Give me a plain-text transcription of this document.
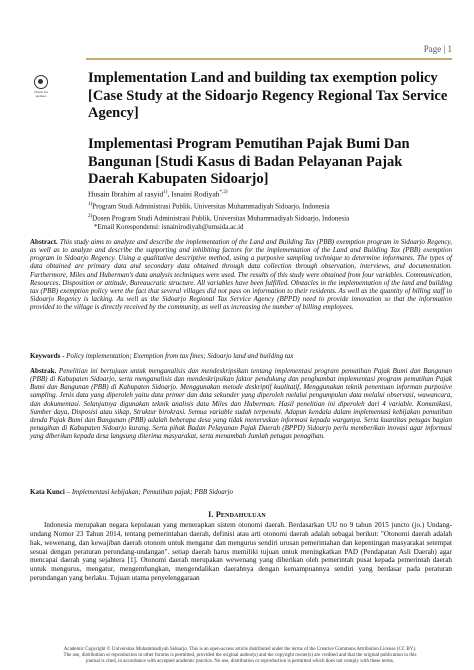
Page | 1
Check for updates
Implementation Land and building tax exemption policy [Case Study at the Sidoarjo Regency Regional Tax Service Agency]
Implementasi Program Pemutihan Pajak Bumi Dan Bangunan [Studi Kasus di Badan Pelayanan Pajak Daerah Kabupaten Sidoarjo]
Husain Ibrahim al rasyid$^{1)}$, Isnaini Rodiyah$^{*,2)}$
$^{1)}$Program Studi Administrasi Publik, Universitas Muhammadiyah Sidoarjo, Indonesia
$^{2)}$Dosen Program Studi Administrasi Publik, Universitas Muhammadiyah Sidoarjo, Indonesia
*Email Korespondensi: isnainirodiyah@umsida.ac.id
Abstract. This study aims to analyze and describe the implementation of the Land and Building Tax (PBB) exemption program in Sidoarjo Regency, as well as to analyze and describe the supporting and inhibiting factors for the implementation of the Land and Building Tax (PBB) exemption program in Sidoarjo Regency. Using a qualitative descriptive method, using a purposive sampling technique to determine informants. The types of data obtained are primary data and secondary data obtained through data collection through observation, interviews, and documentation. Furthermore, Miles and Huberman's data analysis techniques were used. The results of this study were obtained from four variables. Communication, Resources, Disposition or attitude, Bureaucratic structure. All variables have been fulfilled. Obstacles in the implementation of the land and building tax (PBB) exemption policy were the fact that several villages did not pass on information to their residents. As well as the quantity of billing staff in Sidoarjo Regency is lacking. As well as the Sidoarjo Regional Tax Service Agency (BPPD) need to provide innovation so that the information provided to the village is directly received by the community, as well as increasing the number of billing employees.
Keywords - Policy implementation; Exemption from tax fines; Sidoarjo land and building tax
Abstrak. Penelitian ini bertujuan untuk menganalisis dan mendeskripsikan tentang implementasi program pemutihan Pajak Bumi dan Bangunan (PBB) di Kabupaten Sidoarjo, serta menganalisis dan mendeskripsikan faktor pendukung dan penghambat implementasi program pemutihan Pajak Bumi dan Bangunan (PBB) di Kabupaten Sidoarjo. Menggunakan metode deskriptif kualitatif, Menggunakan teknik penentuan informan purposive sampling. Jenis data yang diperoleh yaitu data primer dan data sekunder yang diperoleh melalui pengumpulan data melalui observasi, wawancara, dan dokumentasi. Selanjutnya digunakan teknik analisis data Miles dan Huberman. Hasil penelitian ini diperoleh dari 4 variable. Komunikasi, Sumber daya, Disposisi atau sikap, Struktur birokrasi. Semua variable sudah terpenuhi. Adapun kendala dalam implementasi kebijakan pemutihan denda Pajak Bumi dan Bangunan (PBB) adalah beberapa desa yang tidak meneruskan informasi kepada warganya. Serta kuantitas petugas bagian penagihan di Kabupaten Sidoarjo kurang. Serta pihak Badan Pelayanan Pajak Daerah (BPPD) Sidoarjo perlu memberikan inovasi agar informasi yang diberikan kepada desa langsung diterima masyarakat, serta menambah Jumlah petugas penagihan.
Kata Kunci – Implementasi kebijakan; Pemutihan pajak; PBB Sidoarjo
I. Pendahuluan
Indonesia merupakan negara kepulauan yang menerapkan sistem otonomi daerah. Berdasarkan UU no 9 tahun 2015 juncto (jo.) Undang-undang Nomor 23 Tahun 2014, tentang pemerintahan daerah, definisi atau arti otonomi daerah adalah sebagai berikut: "Otonomi daerah adalah hak, wewenang, dan kewajiban daerah otonom untuk mengatur dan mengurus sendiri urusan pemerintahan dan kepentingan masyarakat setempat sesuai dengan peraturan perundang-undangan". setiap daerah harus memiliki tujuan untuk meningkatkan PAD (Pendapatan Asli Daerah) agar mencapai daerah yang sejahtera [1]. Otonomi daerah merupakan wewenang yang diberikan oleh pemerintah pusat kepada pemerintah daerah untuk mengurus, mengatur, mengembangkan, mengendalikan daerahnya dengan kemampuannya sendiri yang berdasar pada peraturan perundangan yang berlaku. Tujuan utama penyelenggaraan
Academic Copyright © Universitas Muhammadiyah Sidoarjo. This is an open-access article distributed under the terms of the Creative Commons Attribution License (CC BY). The use, distribution or reproduction in other forums is permitted, provided the original author(s) and the copyright owner(s) are credited and that the original publication in this journal is cited, in accordance with accepted academic practice. No use, distribution or reproduction is permitted which does not comply with these terms.
